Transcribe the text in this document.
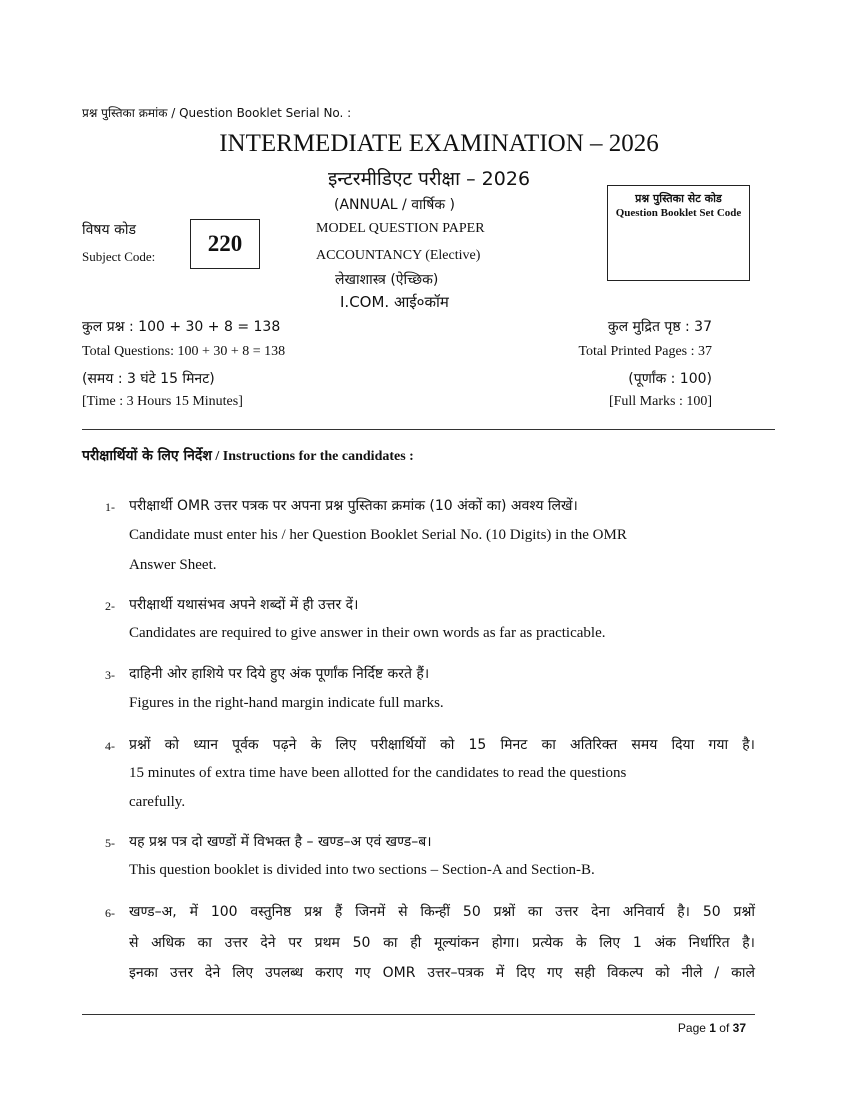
प्रश्न पुस्तिका क्रमांक / Question Booklet Serial No. :
INTERMEDIATE EXAMINATION – 2026
इन्टरमीडिएट परीक्षा – 2026
(ANNUAL / वार्षिक )
विषय कोड
Subject Code:
220
MODEL QUESTION PAPER
ACCOUNTANCY (Elective)
लेखाशास्त्र (ऐच्छिक)
I.COM. आई०कॉम
प्रश्न पुस्तिका सेट कोड
Question Booklet Set Code
कुल प्रश्न : 100 + 30 + 8 = 138
Total Questions: 100 + 30 + 8 = 138
(समय : 3 घंटे 15 मिनट)
[Time : 3 Hours 15 Minutes]
कुल मुद्रित पृष्ठ : 37
Total Printed Pages : 37
(पूर्णांक : 100)
[Full Marks : 100]
परीक्षार्थियों के लिए निर्देश / Instructions for the candidates :
1- परीक्षार्थी OMR उत्तर पत्रक पर अपना प्रश्न पुस्तिका क्रमांक (10 अंकों का) अवश्य लिखें।
Candidate must enter his / her Question Booklet Serial No. (10 Digits) in the OMR
Answer Sheet.
2- परीक्षार्थी यथासंभव अपने शब्दों में ही उत्तर दें।
Candidates are required to give answer in their own words as far as practicable.
3- दाहिनी ओर हाशिये पर दिये हुए अंक पूर्णांक निर्दिष्ट करते हैं।
Figures in the right-hand margin indicate full marks.
4- प्रश्नों को ध्यान पूर्वक पढ़ने के लिए परीक्षार्थियों को 15 मिनट का अतिरिक्त समय दिया गया है।
15 minutes of extra time have been allotted for the candidates to read the questions
carefully.
5- यह प्रश्न पत्र दो खण्डों में विभक्त है – खण्ड–अ एवं खण्ड–ब।
This question booklet is divided into two sections – Section-A and Section-B.
6- खण्ड–अ, में 100 वस्तुनिष्ठ प्रश्न हैं जिनमें से किन्हीं 50 प्रश्नों का उत्तर देना अनिवार्य है। 50 प्रश्नों
से अधिक का उत्तर देने पर प्रथम 50 का ही मूल्यांकन होगा। प्रत्येक के लिए 1 अंक निर्धारित है।
इनका उत्तर देने लिए उपलब्ध कराए गए OMR उत्तर–पत्रक में दिए गए सही विकल्प को नीले / काले
Page 1 of 37
